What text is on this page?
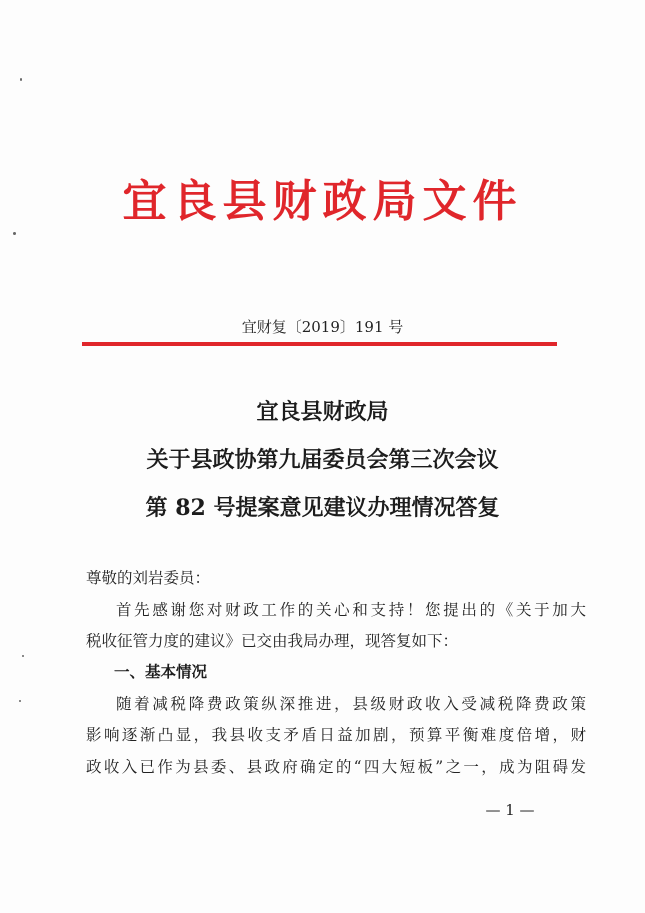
宜良县财政局文件
宜财复〔2019〕191 号
宜良县财政局
关于县政协第九届委员会第三次会议
第 82 号提案意见建议办理情况答复
尊敬的刘岩委员：
首先感谢您对财政工作的关心和支持！您提出的《关于加大
税收征管力度的建议》已交由我局办理，现答复如下：
一、基本情况
随着减税降费政策纵深推进，县级财政收入受减税降费政策
影响逐渐凸显，我县收支矛盾日益加剧，预算平衡难度倍增，财
政收入已作为县委、县政府确定的“四大短板”之一，成为阻碍发
— 1 —
